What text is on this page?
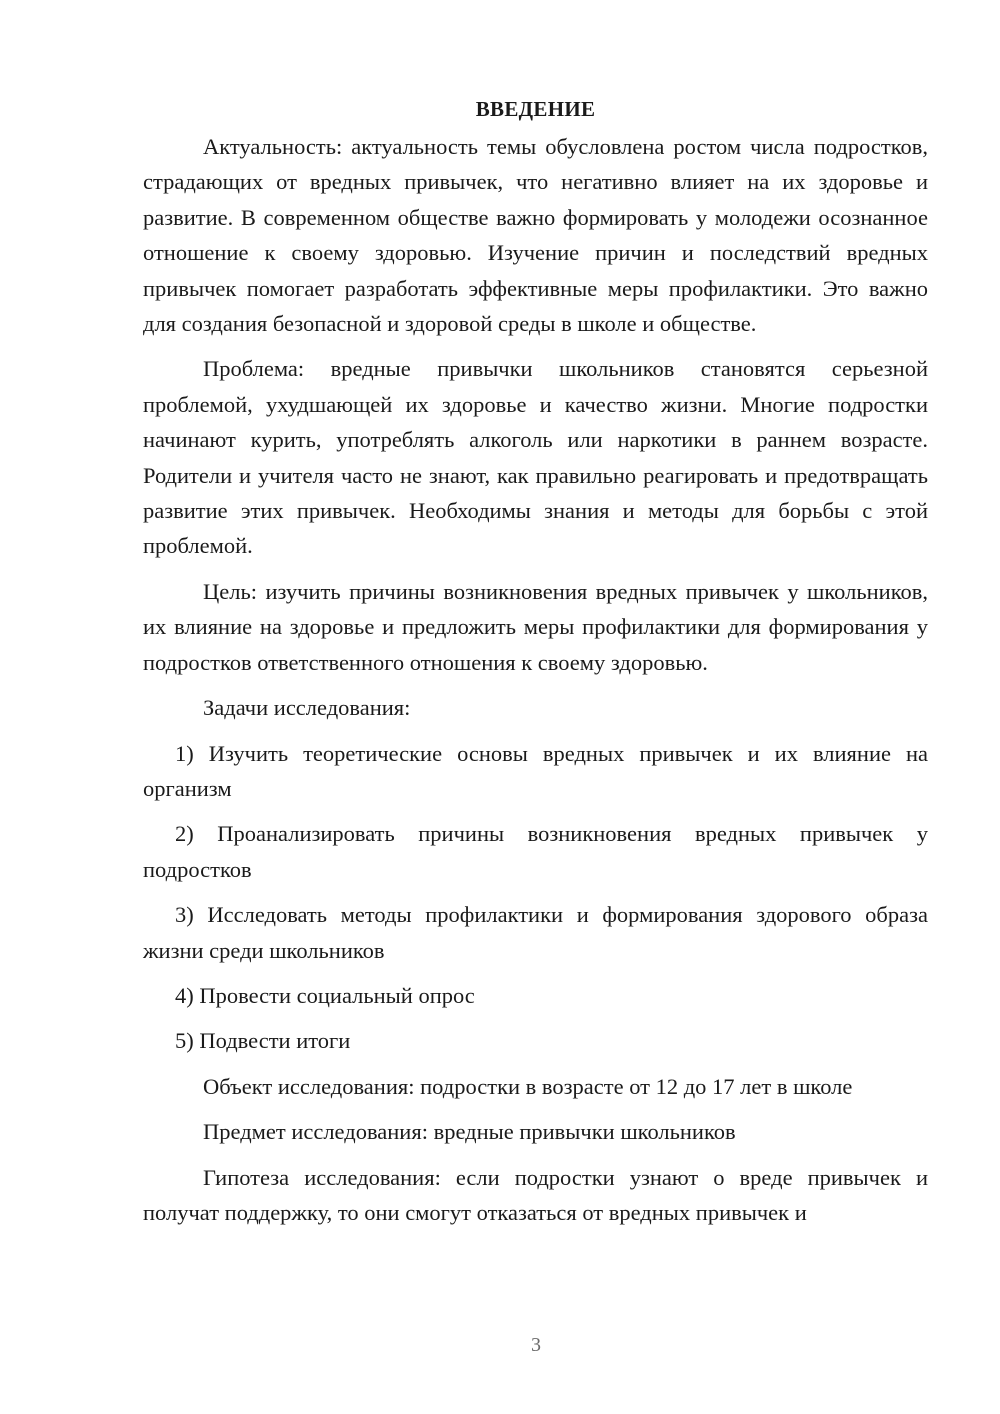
ВВЕДЕНИЕ

Актуальность: актуальность темы обусловлена ростом числа подростков, страдающих от вредных привычек, что негативно влияет на их здоровье и развитие. В современном обществе важно формировать у молодежи осознанное отношение к своему здоровью. Изучение причин и последствий вредных привычек помогает разработать эффективные меры профилактики. Это важно для создания безопасной и здоровой среды в школе и обществе.

Проблема: вредные привычки школьников становятся серьезной проблемой, ухудшающей их здоровье и качество жизни. Многие подростки начинают курить, употреблять алкоголь или наркотики в раннем возрасте. Родители и учителя часто не знают, как правильно реагировать и предотвращать развитие этих привычек. Необходимы знания и методы для борьбы с этой проблемой.

Цель: изучить причины возникновения вредных привычек у школьников, их влияние на здоровье и предложить меры профилактики для формирования у подростков ответственного отношения к своему здоровью.

Задачи исследования:

1) Изучить теоретические основы вредных привычек и их влияние на организм
2) Проанализировать причины возникновения вредных привычек у подростков
3) Исследовать методы профилактики и формирования здорового образа жизни среди школьников
4) Провести социальный опрос
5) Подвести итоги

Объект исследования: подростки в возрасте от 12 до 17 лет в школе

Предмет исследования: вредные привычки школьников

Гипотеза исследования: если подростки узнают о вреде привычек и получат поддержку, то они смогут отказаться от вредных привычек и

3
